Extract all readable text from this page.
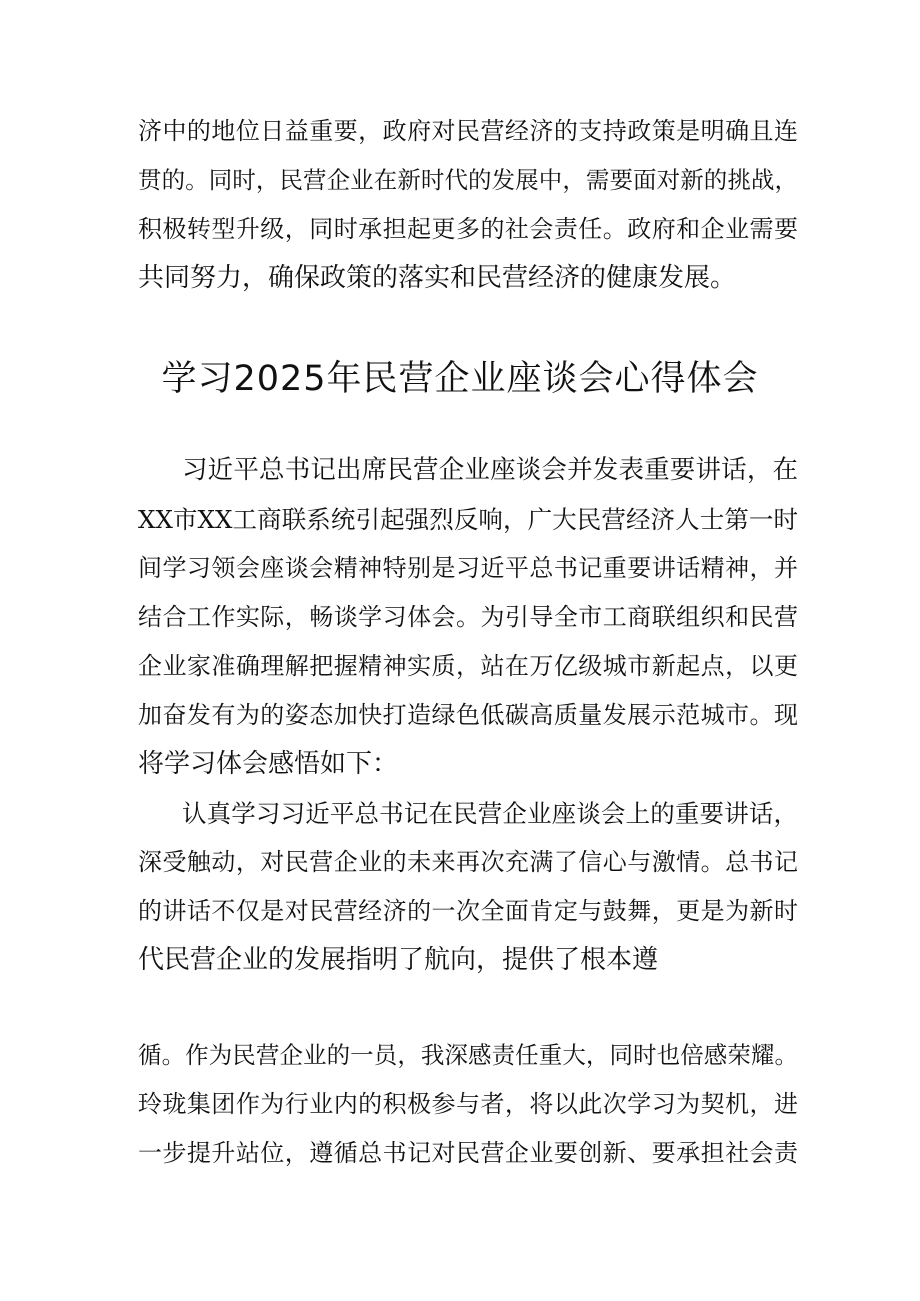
济中的地位日益重要，政府对民营经济的支持政策是明确且连
贯的。同时，民营企业在新时代的发展中，需要面对新的挑战，
积极转型升级，同时承担起更多的社会责任。政府和企业需要
共同努力，确保政策的落实和民营经济的健康发展。
学习2025年民营企业座谈会心得体会
习近平总书记出席民营企业座谈会并发表重要讲话，在
XX市XX工商联系统引起强烈反响，广大民营经济人士第一时
间学习领会座谈会精神特别是习近平总书记重要讲话精神，并
结合工作实际，畅谈学习体会。为引导全市工商联组织和民营
企业家准确理解把握精神实质，站在万亿级城市新起点，以更
加奋发有为的姿态加快打造绿色低碳高质量发展示范城市。现
将学习体会感悟如下：
认真学习习近平总书记在民营企业座谈会上的重要讲话，
深受触动，对民营企业的未来再次充满了信心与激情。总书记
的讲话不仅是对民营经济的一次全面肯定与鼓舞，更是为新时
代民营企业的发展指明了航向，提供了根本遵
循。作为民营企业的一员，我深感责任重大，同时也倍感荣耀。
玲珑集团作为行业内的积极参与者，将以此次学习为契机，进
一步提升站位，遵循总书记对民营企业要创新、要承担社会责
